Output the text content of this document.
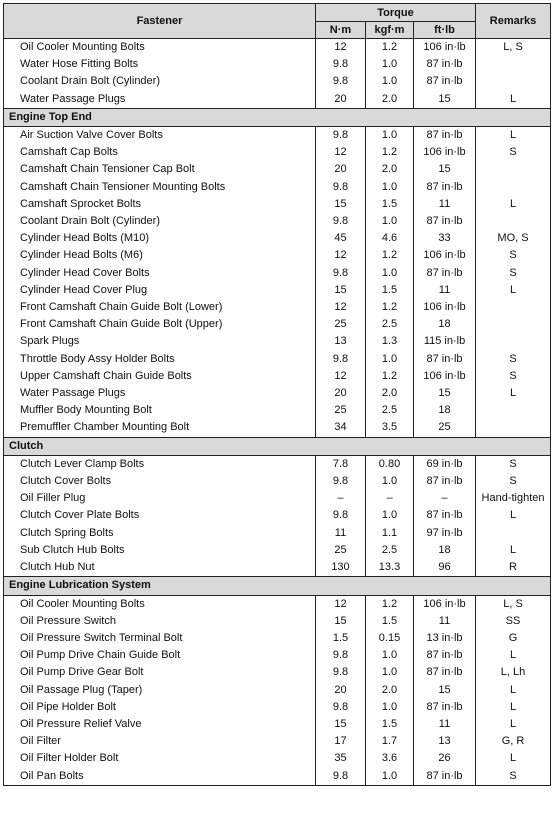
Fastener	Torque			Remarks
	N·m	kgf·m	ft·lb	
Oil Cooler Mounting Bolts	12	1.2	106 in·lb	L, S
Water Hose Fitting Bolts	9.8	1.0	87 in·lb	
Coolant Drain Bolt (Cylinder)	9.8	1.0	87 in·lb	
Water Passage Plugs	20	2.0	15	L
Engine Top End				
Air Suction Valve Cover Bolts	9.8	1.0	87 in·lb	L
Camshaft Cap Bolts	12	1.2	106 in·lb	S
Camshaft Chain Tensioner Cap Bolt	20	2.0	15	
Camshaft Chain Tensioner Mounting Bolts	9.8	1.0	87 in·lb	
Camshaft Sprocket Bolts	15	1.5	11	L
Coolant Drain Bolt (Cylinder)	9.8	1.0	87 in·lb	
Cylinder Head Bolts (M10)	45	4.6	33	MO, S
Cylinder Head Bolts (M6)	12	1.2	106 in·lb	S
Cylinder Head Cover Bolts	9.8	1.0	87 in·lb	S
Cylinder Head Cover Plug	15	1.5	11	L
Front Camshaft Chain Guide Bolt (Lower)	12	1.2	106 in·lb	
Front Camshaft Chain Guide Bolt (Upper)	25	2.5	18	
Spark Plugs	13	1.3	115 in·lb	
Throttle Body Assy Holder Bolts	9.8	1.0	87 in·lb	S
Upper Camshaft Chain Guide Bolts	12	1.2	106 in·lb	S
Water Passage Plugs	20	2.0	15	L
Muffler Body Mounting Bolt	25	2.5	18	
Premuffler Chamber Mounting Bolt	34	3.5	25	
Clutch				
Clutch Lever Clamp Bolts	7.8	0.80	69 in·lb	S
Clutch Cover Bolts	9.8	1.0	87 in·lb	S
Oil Filler Plug	–	–	–	Hand-tighten
Clutch Cover Plate Bolts	9.8	1.0	87 in·lb	L
Clutch Spring Bolts	11	1.1	97 in·lb	
Sub Clutch Hub Bolts	25	2.5	18	L
Clutch Hub Nut	130	13.3	96	R
Engine Lubrication System				
Oil Cooler Mounting Bolts	12	1.2	106 in·lb	L, S
Oil Pressure Switch	15	1.5	11	SS
Oil Pressure Switch Terminal Bolt	1.5	0.15	13 in·lb	G
Oil Pump Drive Chain Guide Bolt	9.8	1.0	87 in·lb	L
Oil Pump Drive Gear Bolt	9.8	1.0	87 in·lb	L, Lh
Oil Passage Plug (Taper)	20	2.0	15	L
Oil Pipe Holder Bolt	9.8	1.0	87 in·lb	L
Oil Pressure Relief Valve	15	1.5	11	L
Oil Filter	17	1.7	13	G, R
Oil Filter Holder Bolt	35	3.6	26	L
Oil Pan Bolts	9.8	1.0	87 in·lb	S
